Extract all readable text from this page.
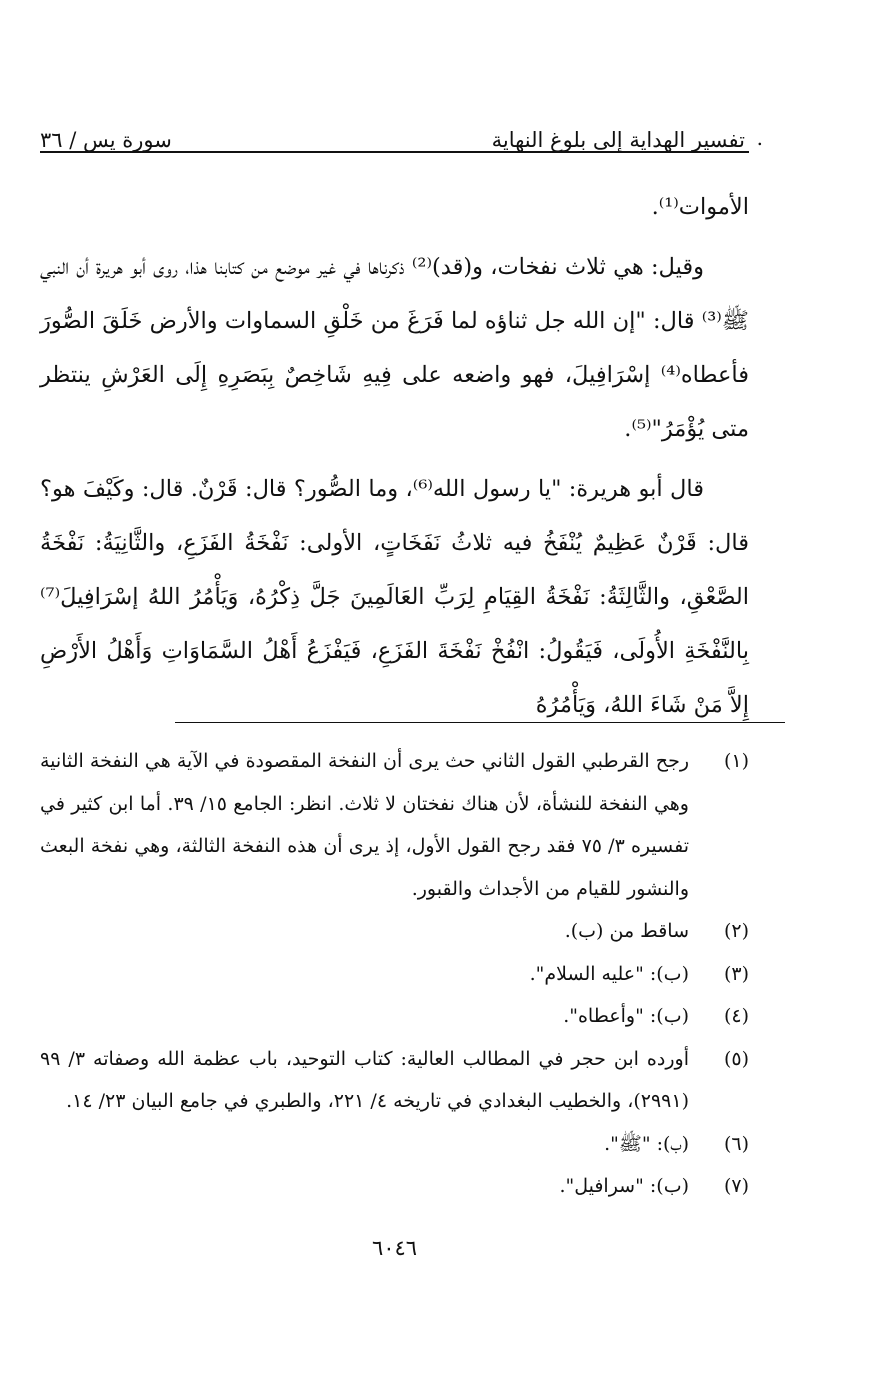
تفسير الهداية إلى بلوغ النهاية
سورة يس / ٣٦	.

الأموات⁽¹⁾.

وقيل: هي ثلاث نفخات، و(قد)⁽²⁾ ذكرناها في غير موضع من كتابنا هذا، روى أبو هريرة أن النبي ﷺ⁽³⁾ قال: "إن الله جل ثناؤه لما فَرَغَ من خَلْقِ السماوات والأرض خَلَقَ الصُّورَ فأعطاه⁽⁴⁾ إسْرَافِيلَ، فهو واضعه على فِيهِ شَاخِصٌ بِبَصَرِهِ إِلَى العَرْشِ ينتظر متى يُؤْمَرُ"⁽⁵⁾.

قال أبو هريرة: "يا رسول الله⁽⁶⁾، وما الصُّور؟ قال: قَرْنٌ. قال: وكَيْفَ هو؟ قال: قَرْنٌ عَظِيمٌ يُنْفَخُ فيه ثلاثُ نَفَخَاتٍ، الأولى: نَفْخَةُ الفَزَعِ، والثَّانِيَةُ: نَفْخَةُ الصَّعْقِ، والثَّالِثَةُ: نَفْخَةُ القِيَامِ لِرَبِّ العَالَمِينَ جَلَّ ذِكْرُهُ، وَيَأْمُرُ اللهُ إسْرَافِيلَ⁽⁷⁾ بِالنَّفْخَةِ الأُولَى، فَيَقُولُ: انْفُخْ نَفْخَةَ الفَزَعِ، فَيَفْزَعُ أَهْلُ السَّمَاوَاتِ وَأَهْلُ الأَرْضِ إِلاَّ مَنْ شَاءَ اللهُ، وَيَأْمُرُهُ

(١)
رجح القرطبي القول الثاني حث يرى أن النفخة المقصودة في الآية هي النفخة الثانية وهي النفخة للنشأة، لأن هناك نفختان لا ثلاث. انظر: الجامع ١٥/ ٣٩. أما ابن كثير في تفسيره ٣/ ٧٥ فقد رجح القول الأول، إذ يرى أن هذه النفخة الثالثة، وهي نفخة البعث والنشور للقيام من الأجداث والقبور.
(٢)
ساقط من (ب).
(٣)
(ب): "عليه السلام".
(٤)
(ب): "وأعطاه".
(٥)
أورده ابن حجر في المطالب العالية: كتاب التوحيد، باب عظمة الله وصفاته ٣/ ٩٩ (٢٩٩١)، والخطيب البغدادي في تاريخه ٤/ ٢٢١، والطبري في جامع البيان ٢٣/ ١٤.
(٦)
(ب): "ﷺ".
(٧)
(ب): "سرافيل".
٦٠٤٦
